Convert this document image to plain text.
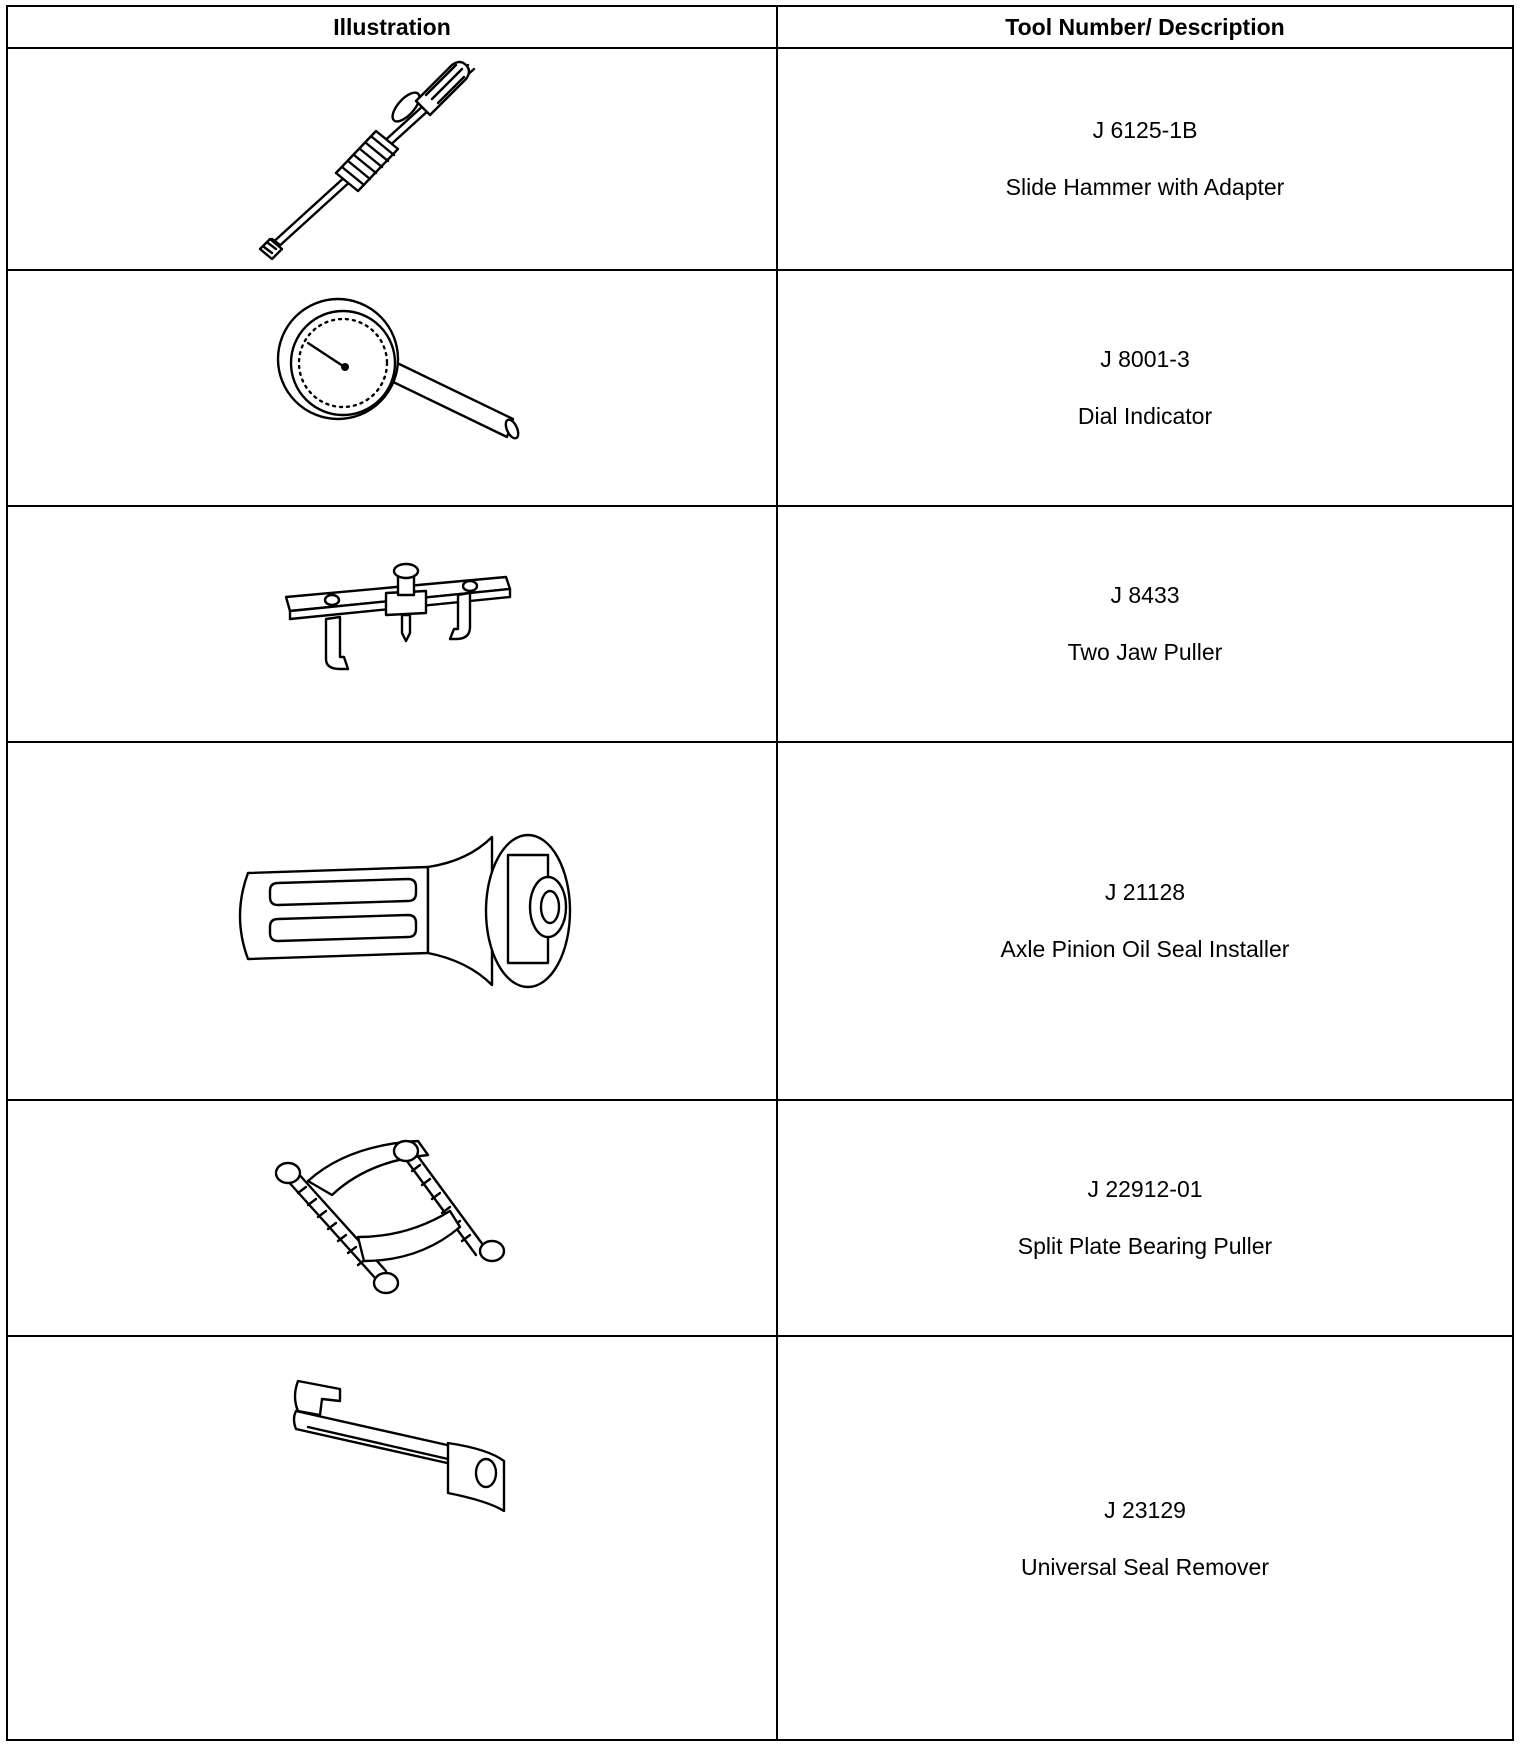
Illustration	Tool Number/ Description
J 6125-1B
Slide Hammer with Adapter
J 8001-3
Dial Indicator
J 8433
Two Jaw Puller
J 21128
Axle Pinion Oil Seal Installer
J 22912-01
Split Plate Bearing Puller
J 23129
Universal Seal Remover
